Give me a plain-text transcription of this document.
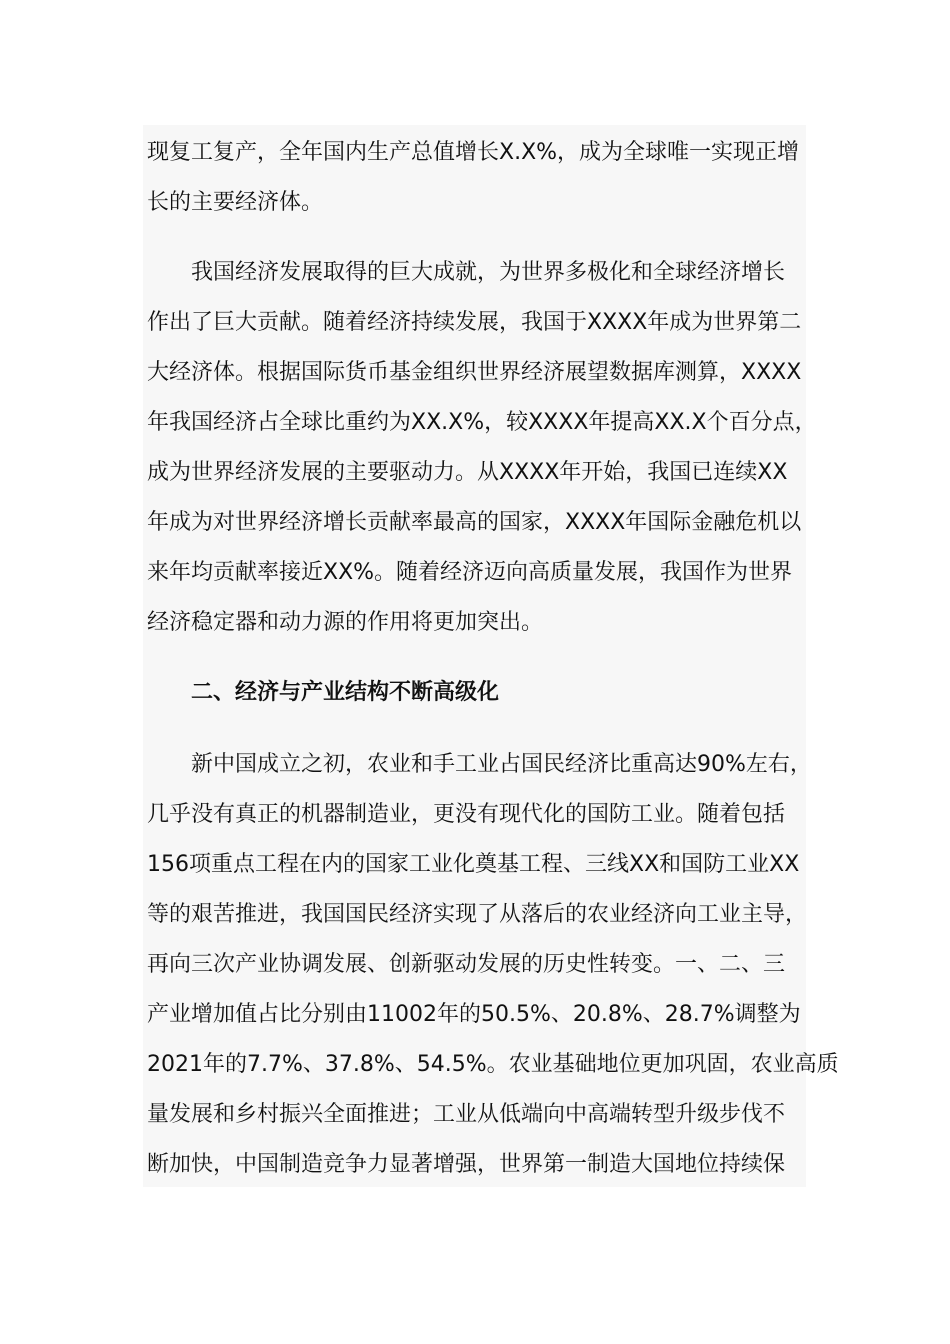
现复工复产，全年国内生产总值增长X.X%，成为全球唯一实现正增
长的主要经济体。
我国经济发展取得的巨大成就，为世界多极化和全球经济增长
作出了巨大贡献。随着经济持续发展，我国于XXXX年成为世界第二
大经济体。根据国际货币基金组织世界经济展望数据库测算，XXXX
年我国经济占全球比重约为XX.X%，较XXXX年提高XX.X个百分点，
成为世界经济发展的主要驱动力。从XXXX年开始，我国已连续XX
年成为对世界经济增长贡献率最高的国家，XXXX年国际金融危机以
来年均贡献率接近XX%。随着经济迈向高质量发展，我国作为世界
经济稳定器和动力源的作用将更加突出。
二、经济与产业结构不断高级化
新中国成立之初，农业和手工业占国民经济比重高达90%左右，
几乎没有真正的机器制造业，更没有现代化的国防工业。随着包括
156项重点工程在内的国家工业化奠基工程、三线XX和国防工业XX
等的艰苦推进，我国国民经济实现了从落后的农业经济向工业主导，
再向三次产业协调发展、创新驱动发展的历史性转变。一、二、三
产业增加值占比分别由11002年的50.5%、20.8%、28.7%调整为
2021年的7.7%、37.8%、54.5%。农业基础地位更加巩固，农业高质
量发展和乡村振兴全面推进；工业从低端向中高端转型升级步伐不
断加快，中国制造竞争力显著增强，世界第一制造大国地位持续保
